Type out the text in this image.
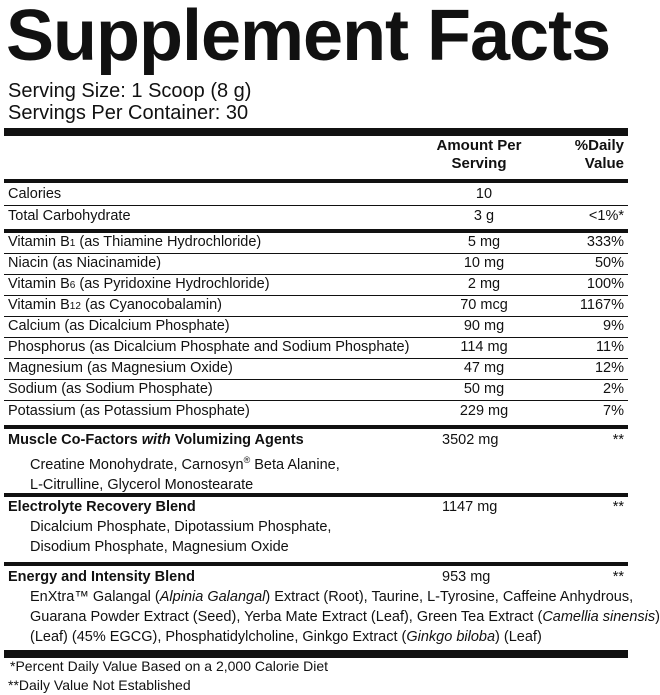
Supplement Facts
Serving Size: 1 Scoop (8 g)
Servings Per Container: 30
Amount Per
Serving
%Daily
Value
Calories	10
Total Carbohydrate	3 g	<1%*
Vitamin B1 (as Thiamine Hydrochloride)	5 mg	333%
Niacin (as Niacinamide)	10 mg	50%
Vitamin B6 (as Pyridoxine Hydrochloride)	2 mg	100%
Vitamin B12 (as Cyanocobalamin)	70 mcg	1167%
Calcium (as Dicalcium Phosphate)	90 mg	9%
Phosphorus (as Dicalcium Phosphate and Sodium Phosphate)	114 mg	11%
Magnesium (as Magnesium Oxide)	47 mg	12%
Sodium (as Sodium Phosphate)	50 mg	2%
Potassium (as Potassium Phosphate)	229 mg	7%
Muscle Co-Factors with Volumizing Agents	3502 mg	**
Creatine Monohydrate, Carnosyn® Beta Alanine,
L-Citrulline, Glycerol Monostearate
Electrolyte Recovery Blend	1147 mg	**
Dicalcium Phosphate, Dipotassium Phosphate,
Disodium Phosphate, Magnesium Oxide
Energy and Intensity Blend	953 mg	**
EnXtra™ Galangal (Alpinia Galangal) Extract (Root), Taurine, L-Tyrosine, Caffeine Anhydrous,
Guarana Powder Extract (Seed), Yerba Mate Extract (Leaf), Green Tea Extract (Camellia sinensis)
(Leaf) (45% EGCG), Phosphatidylcholine, Ginkgo Extract (Ginkgo biloba) (Leaf)
*Percent Daily Value Based on a 2,000 Calorie Diet
**Daily Value Not Established
